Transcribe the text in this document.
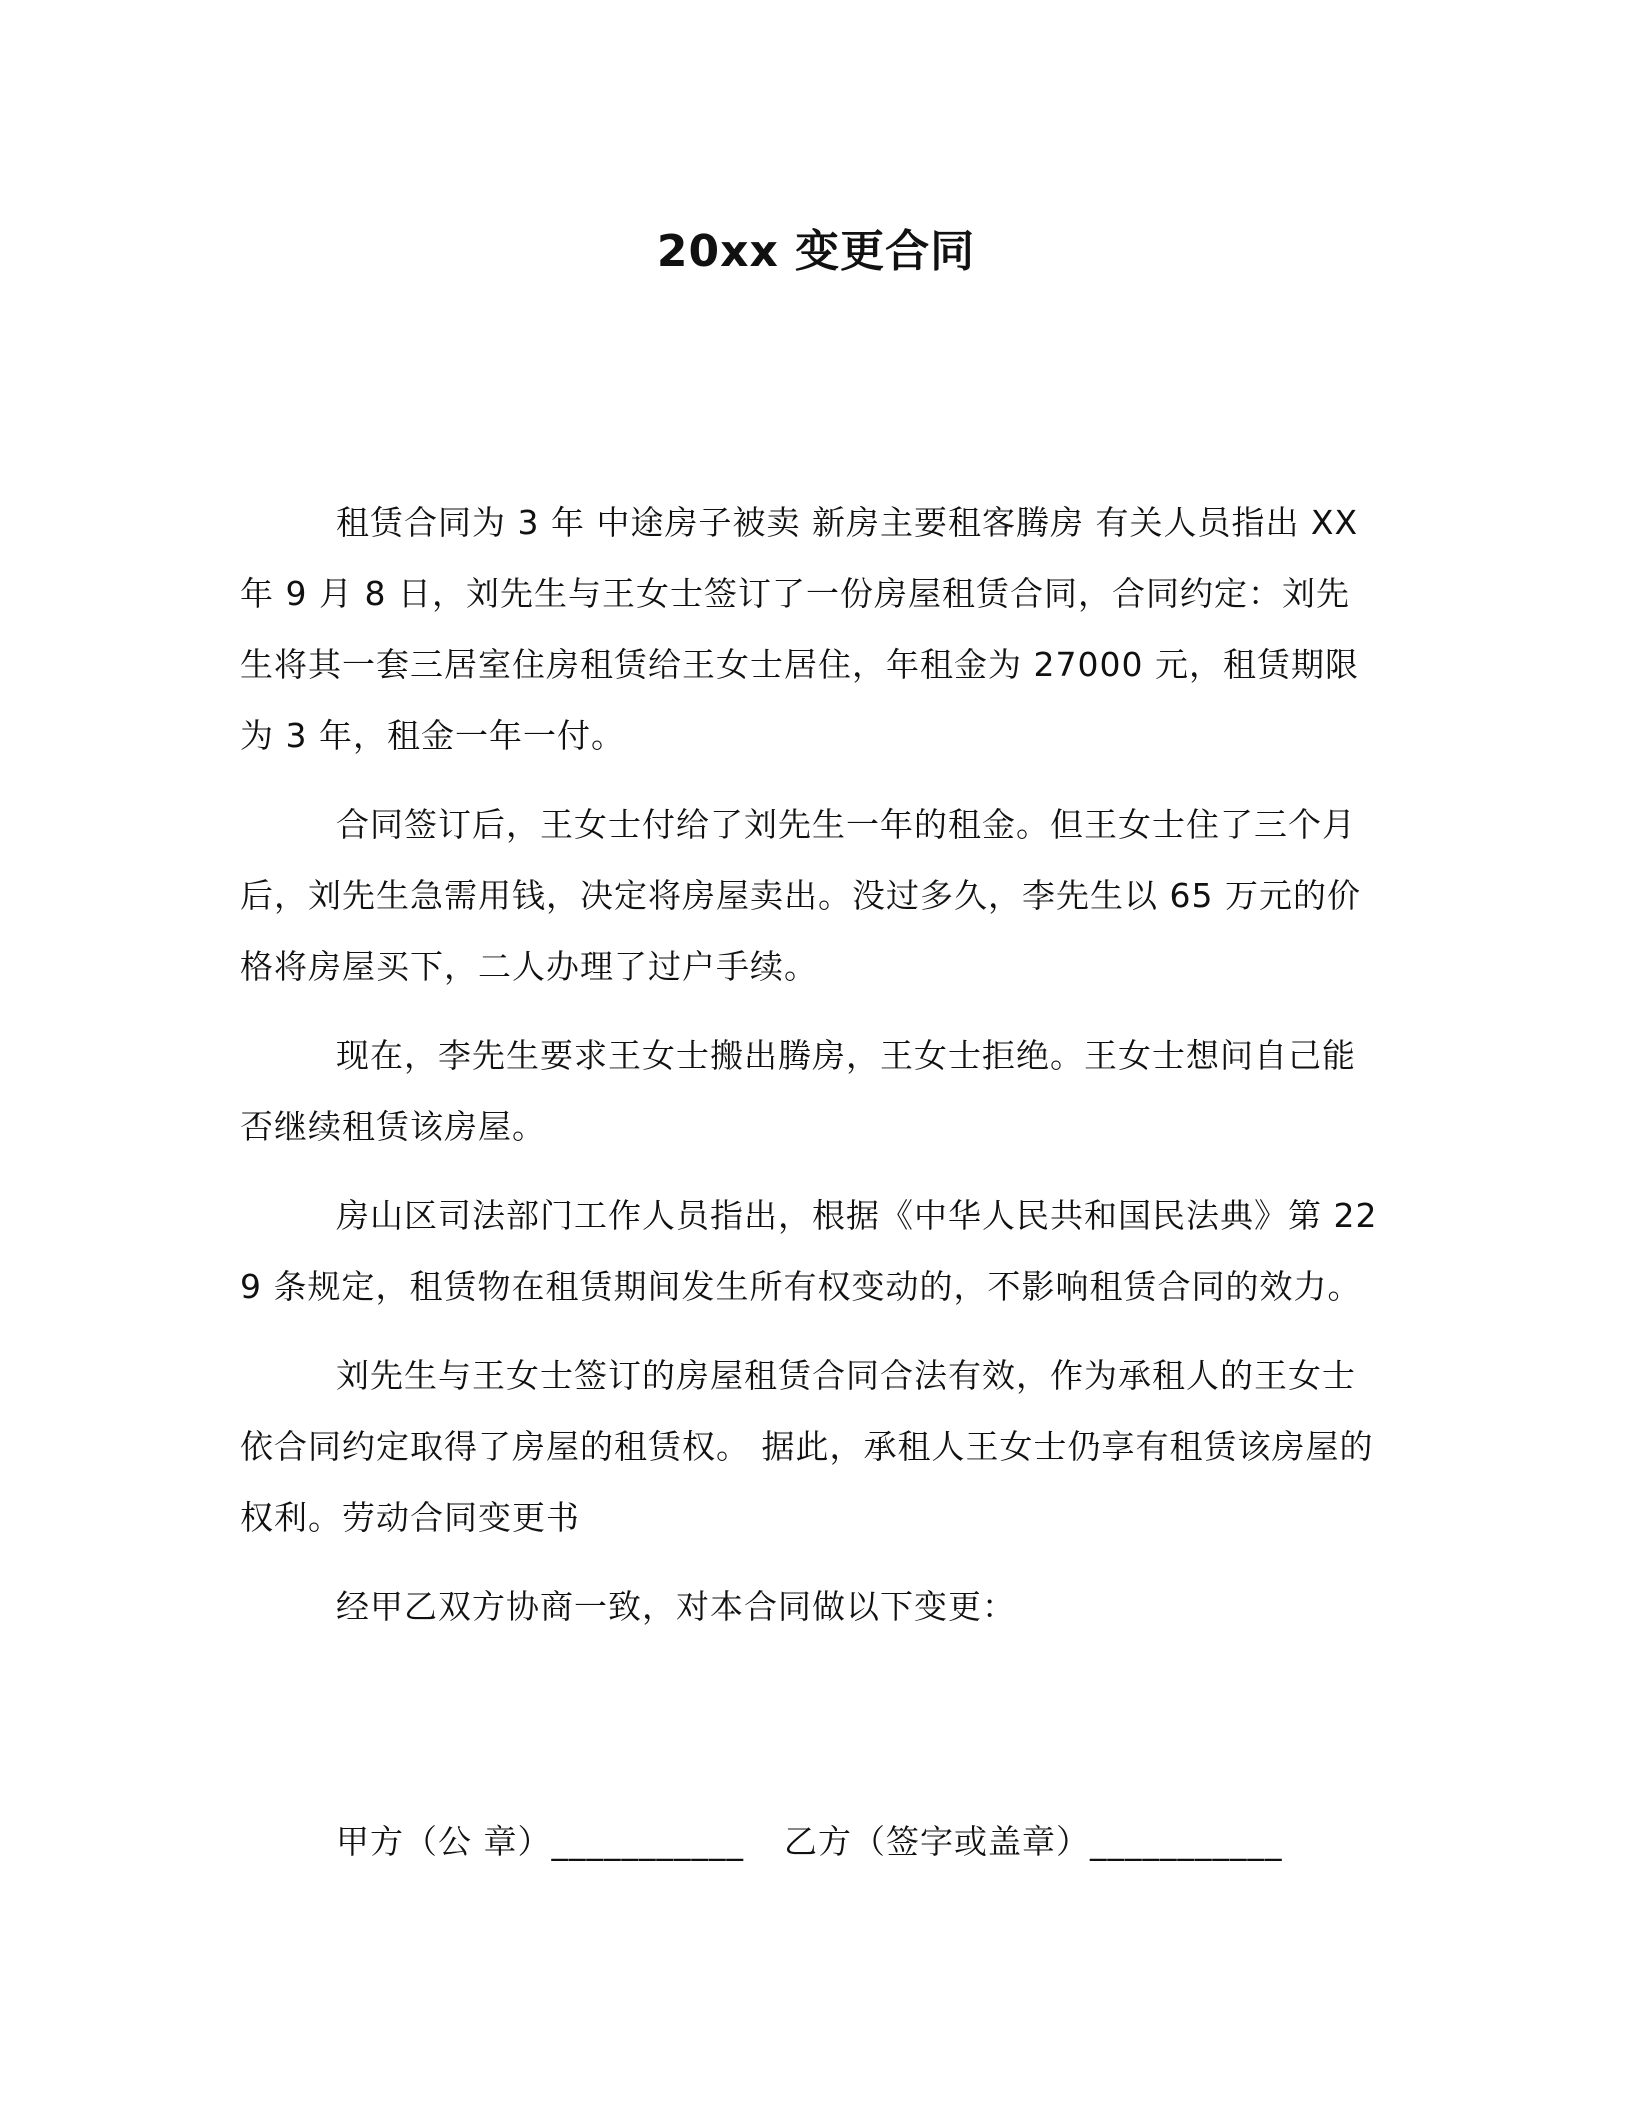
20xx 变更合同

租赁合同为 3 年 中途房子被卖 新房主要租客腾房 有关人员指出 XX 年 9 月 8 日，刘先生与王女士签订了一份房屋租赁合同，合同约定：刘先生将其一套三居室住房租赁给王女士居住，年租金为 27000 元，租赁期限为 3 年，租金一年一付。

合同签订后，王女士付给了刘先生一年的租金。但王女士住了三个月后，刘先生急需用钱，决定将房屋卖出。没过多久，李先生以 65 万元的价格将房屋买下，二人办理了过户手续。

现在，李先生要求王女士搬出腾房，王女士拒绝。王女士想问自己能否继续租赁该房屋。

房山区司法部门工作人员指出，根据《中华人民共和国民法典》第 229 条规定，租赁物在租赁期间发生所有权变动的，不影响租赁合同的效力。

刘先生与王女士签订的房屋租赁合同合法有效，作为承租人的王女士依合同约定取得了房屋的租赁权。 据此，承租人王女士仍享有租赁该房屋的权利。劳动合同变更书

经甲乙双方协商一致，对本合同做以下变更：

甲方（公 章）___________ 乙方（签字或盖章）___________
